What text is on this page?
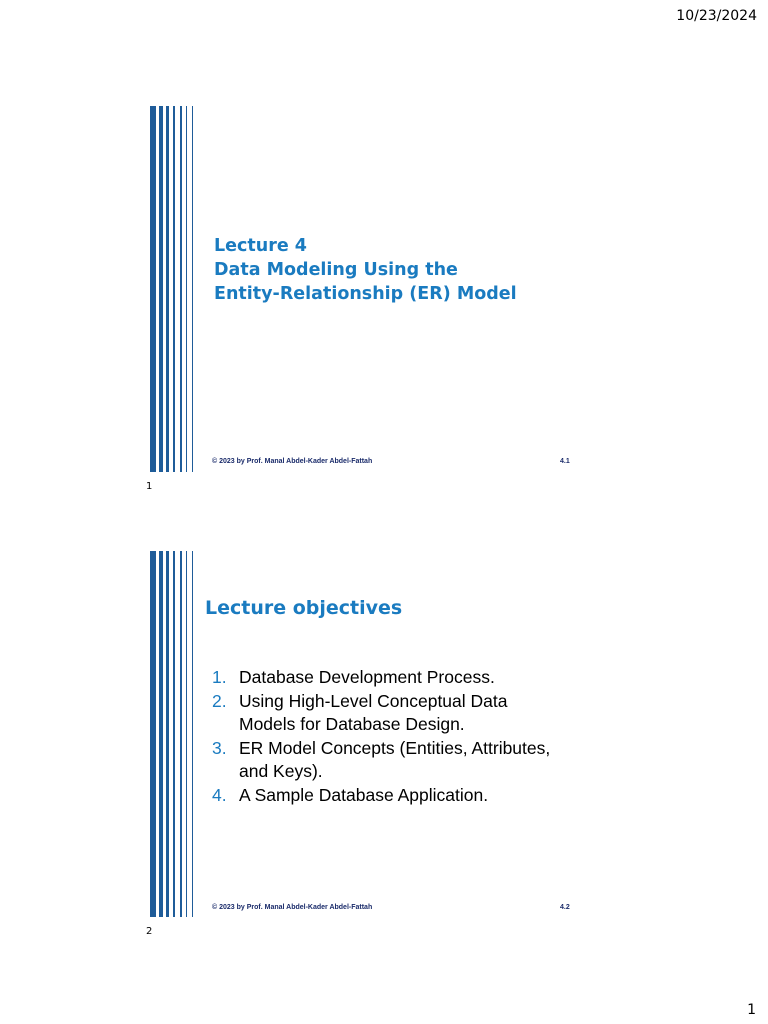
10/23/2024
Lecture 4
Data Modeling Using the
Entity-Relationship (ER) Model
© 2023 by Prof. Manal Abdel-Kader Abdel-Fattah	4.1
1
Lecture objectives
1. Database Development Process.
2. Using High-Level Conceptual Data Models for Database Design.
3. ER Model Concepts (Entities, Attributes, and Keys).
4. A Sample Database Application.
© 2023 by Prof. Manal Abdel-Kader Abdel-Fattah	4.2
2
1
